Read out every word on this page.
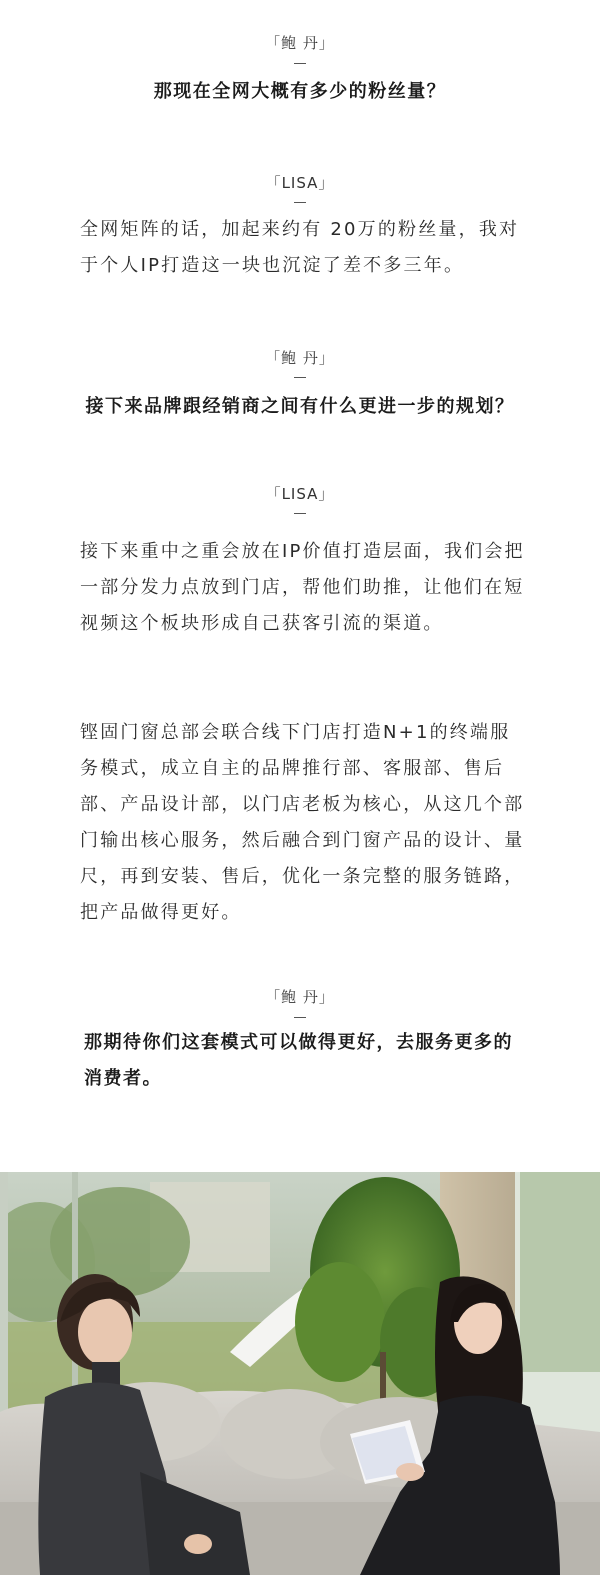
「鲍 丹」
那现在全网大概有多少的粉丝量？
「LISA」
全网矩阵的话，加起来约有 20万的粉丝量，我对于个人IP打造这一块也沉淀了差不多三年。
「鲍 丹」
接下来品牌跟经销商之间有什么更进一步的规划？
「LISA」
接下来重中之重会放在IP价值打造层面，我们会把一部分发力点放到门店，帮他们助推，让他们在短视频这个板块形成自己获客引流的渠道。
铿固门窗总部会联合线下门店打造N+1的终端服务模式，成立自主的品牌推行部、客服部、售后部、产品设计部，以门店老板为核心，从这几个部门输出核心服务，然后融合到门窗产品的设计、量尺，再到安装、售后，优化一条完整的服务链路，把产品做得更好。
「鲍 丹」
那期待你们这套模式可以做得更好，去服务更多的消费者。
